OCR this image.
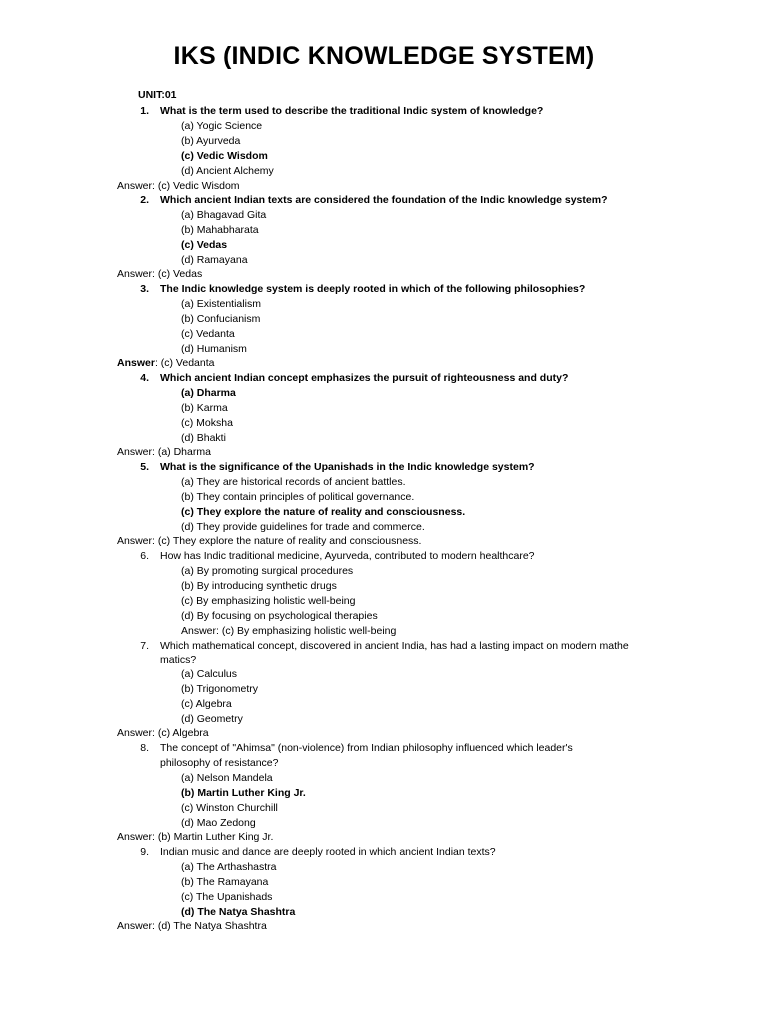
IKS (INDIC KNOWLEDGE SYSTEM)
UNIT:01
1. What is the term used to describe the traditional Indic system of knowledge?
(a) Yogic Science
(b) Ayurveda
(c) Vedic Wisdom
(d) Ancient Alchemy
Answer: (c) Vedic Wisdom
2. Which ancient Indian texts are considered the foundation of the Indic knowledge system?
(a) Bhagavad Gita
(b) Mahabharata
(c) Vedas
(d) Ramayana
Answer: (c) Vedas
3. The Indic knowledge system is deeply rooted in which of the following philosophies?
(a) Existentialism
(b) Confucianism
(c) Vedanta
(d) Humanism
Answer: (c) Vedanta
4. Which ancient Indian concept emphasizes the pursuit of righteousness and duty?
(a) Dharma
(b) Karma
(c) Moksha
(d) Bhakti
Answer: (a) Dharma
5. What is the significance of the Upanishads in the Indic knowledge system?
(a) They are historical records of ancient battles.
(b) They contain principles of political governance.
(c) They explore the nature of reality and consciousness.
(d) They provide guidelines for trade and commerce.
Answer: (c) They explore the nature of reality and consciousness.
6. How has Indic traditional medicine, Ayurveda, contributed to modern healthcare?
(a) By promoting surgical procedures
(b) By introducing synthetic drugs
(c) By emphasizing holistic well-being
(d) By focusing on psychological therapies
Answer: (c) By emphasizing holistic well-being
7. Which mathematical concept, discovered in ancient India, has had a lasting impact on modern mathe
matics?
(a) Calculus
(b) Trigonometry
(c) Algebra
(d) Geometry
Answer: (c) Algebra
8. The concept of "Ahimsa" (non-violence) from Indian philosophy influenced which leader's
philosophy of resistance?
(a) Nelson Mandela
(b) Martin Luther King Jr.
(c) Winston Churchill
(d) Mao Zedong
Answer: (b) Martin Luther King Jr.
9. Indian music and dance are deeply rooted in which ancient Indian texts?
(a) The Arthashastra
(b) The Ramayana
(c) The Upanishads
(d) The Natya Shashtra
Answer: (d) The Natya Shashtra
